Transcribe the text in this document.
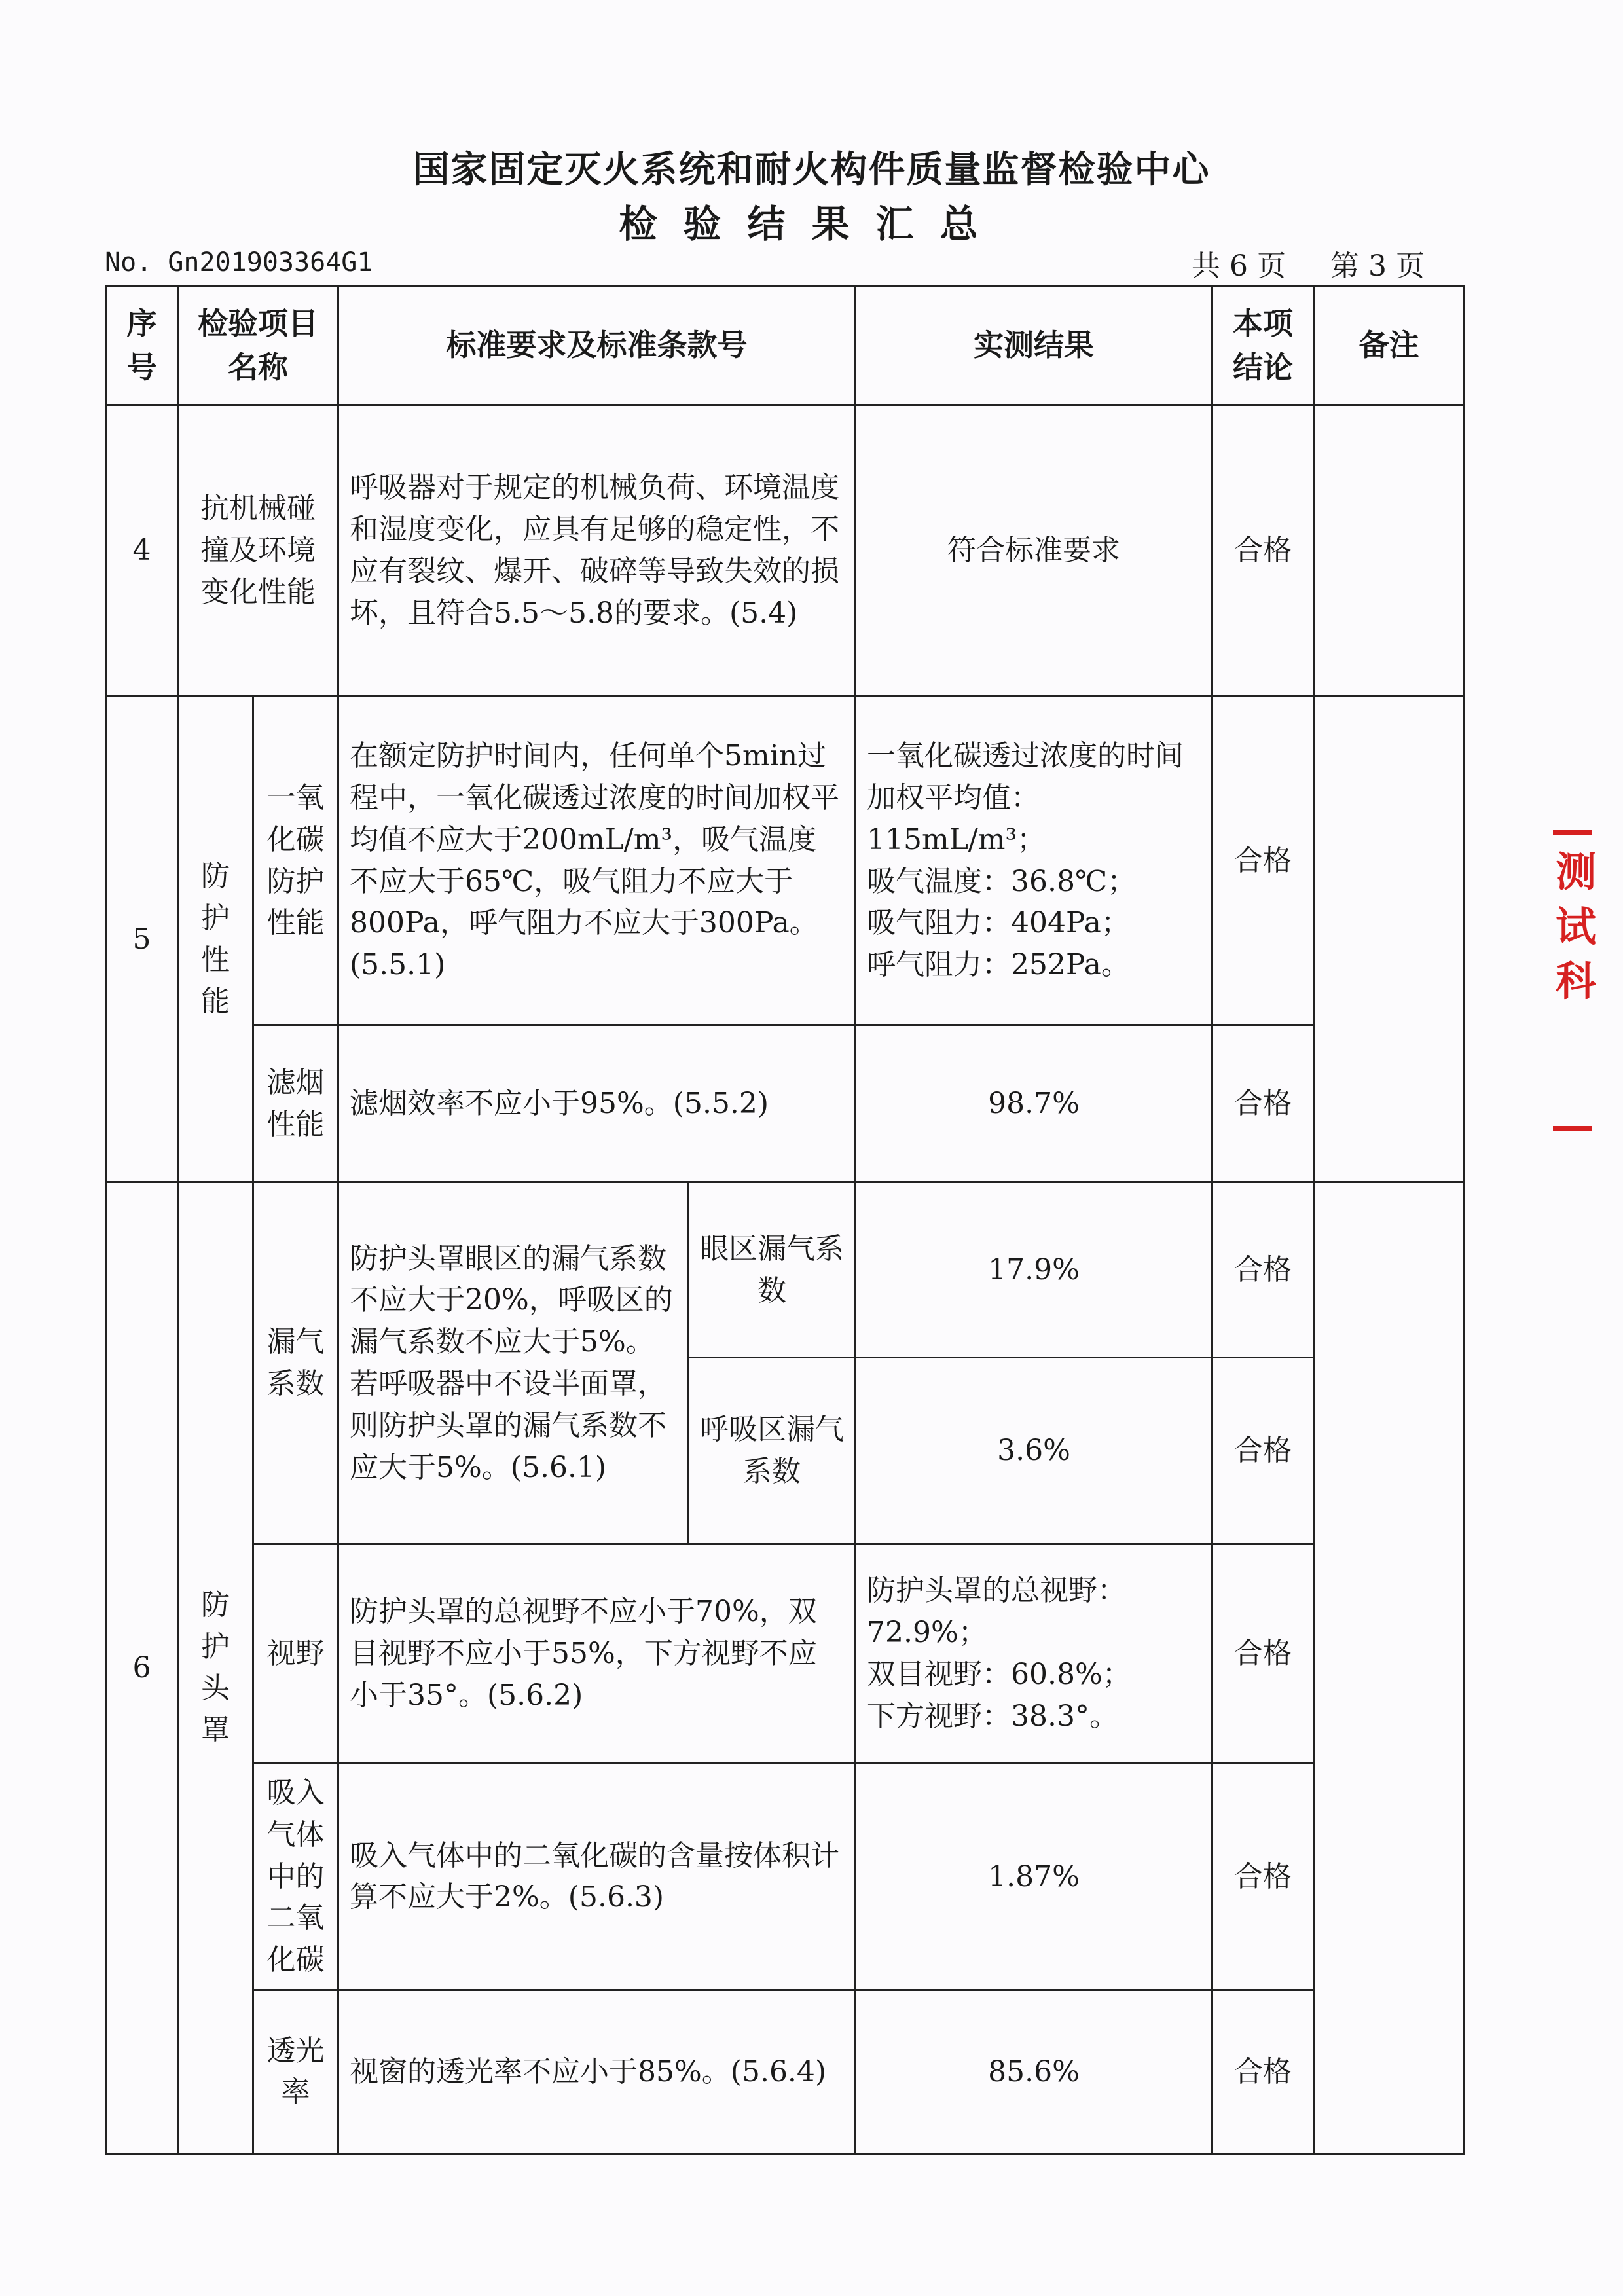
国家固定灭火系统和耐火构件质量监督检验中心
检验结果汇总
No. Gn201903364G1	共 6 页 第 3 页
序号	检验项目名称		标准要求及标准条款号		实测结果	本项结论	备注
4	抗机械碰撞及环境变化性能		呼吸器对于规定的机械负荷、环境温度和湿度变化，应具有足够的稳定性，不应有裂纹、爆开、破碎等导致失效的损坏，且符合5.5～5.8的要求。(5.4)		符合标准要求	合格	
5	防护性能	一氧化碳防护性能	在额定防护时间内，任何单个5min过程中，一氧化碳透过浓度的时间加权平均值不应大于200mL/m³，吸气温度不应大于65℃，吸气阻力不应大于800Pa，呼气阻力不应大于300Pa。(5.5.1)		一氧化碳透过浓度的时间加权平均值：115mL/m³；
吸气温度：36.8℃；
吸气阻力：404Pa；
呼气阻力：252Pa。	合格	
		滤烟性能	滤烟效率不应小于95%。(5.5.2)		98.7%	合格	
6	防护头罩	漏气系数	防护头罩眼区的漏气系数不应大于20%，呼吸区的漏气系数不应大于5%。若呼吸器中不设半面罩，则防护头罩的漏气系数不应大于5%。(5.6.1)	眼区漏气系数	17.9%	合格	
				呼吸区漏气系数	3.6%	合格	
		视野	防护头罩的总视野不应小于70%，双目视野不应小于55%，下方视野不应小于35°。(5.6.2)		防护头罩的总视野：72.9%；
双目视野：60.8%；
下方视野：38.3°。	合格	
		吸入气体中的二氧化碳	吸入气体中的二氧化碳的含量按体积计算不应大于2%。(5.6.3)		1.87%	合格	
		透光率	视窗的透光率不应小于85%。(5.6.4)		85.6%	合格	
测
试
科
